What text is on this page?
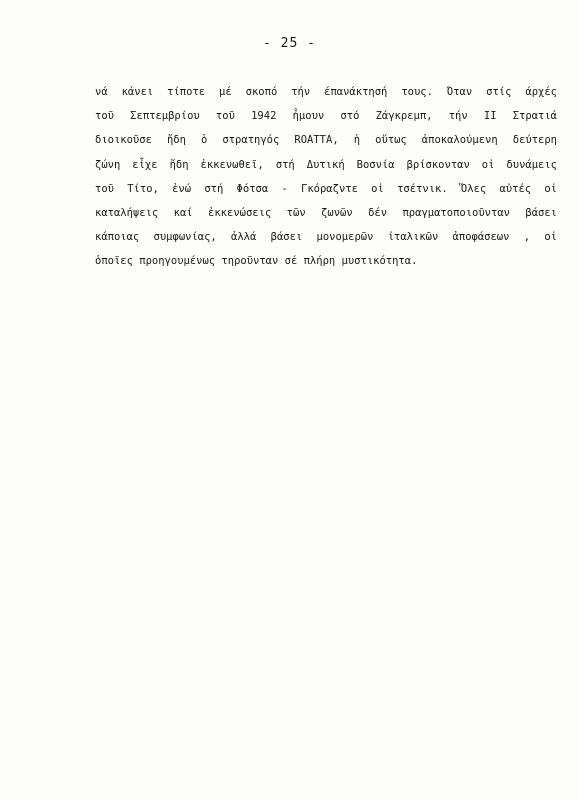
- 25 -
νά κάνει τίποτε μέ σκοπό τήν έπανάκτησή τους. Όταν στίς άρχές
τοῦ Σεπτεμβρίου τοῦ 1942 ἦμουν στό Ζάγκρεμπ, τήν II Στρατιά
διοικοῦσε ἤδη ὁ στρατηγός ROATTA, ἡ οὕτως ἀποκαλούμενη δεύτερη
ζώνη εἶχε ἤδη ἐκκενωθεῖ, στή Δυτική Βοσνία βρίσκονταν οἱ δυνάμεις
τοῦ Τίτο, ἐνώ στή Φότσα - Γκόραζντε οἱ τσέτνικ. Ὅλες αὐτές οἱ
καταλήψεις καί ἐκκενώσεις τῶν ζωνῶν δέν πραγματοποιοῦνταν βάσει
κάποιας συμφωνίας, ἀλλά βάσει μονομερῶν ἰταλικῶν ἀποφάσεων , οἱ
ὁποῖες προηγουμένως τηροῦνταν σέ πλήρη μυστικότητα.
